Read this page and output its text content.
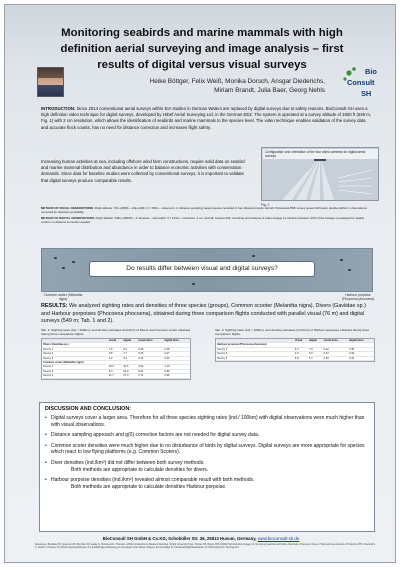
Monitoring seabirds and marine mammals with high definition aerial surveying and image analysis – first results of digital versus visual surveys
Heike Böttger, Felix Weiß, Monika Dorsch, Ansgar Diederichs,
Miriam Brandt, Julia Baer, Georg Nehls
Bio
Consult
SH
INTRODUCTION: Since 2014 conventional aerial surveys within EIA studies in German Waters are replaced by digital surveys due to safety reasons. BioConsult SH uses a high definition video technique for digital surveys, developed by HiDef Aerial Surveying Ltd. in the German EEZ. The system is operated at a survey altitude of 1800 ft (549 m, Fig. 1) with 2 cm resolution, which allows the identification of seabirds and marine mammals to the species level. The video technique enables validation of the survey data and accurate flock counts, has no need for distance correction and increases flight safety.
Increasing human activities at sea, including offshore wind farm constructions, require solid data on seabird and marine mammal distribution and abundance in order to balance economic activities with conservation demands. Since data for baseline studies were collected by conventional surveys, it is important to validate that digital surveys produce comparable results.
Configuration and orientation of the four video cameras for digital aerial surveys
Fig. 1
METHOD OF VISUAL OBSERVATIONS: Flight altitude: 76m (250ft) – strip-width: 2 × 150m – observers: 2; distance sampling; target species recorded in four distance bands; aircraft: Partenavia P68; survey speed 100 knots; double platform; observations corrected for detection probability.
METHOD OF DIGITAL OBSERVATIONS: Flight altitude: 549m (1800ft) – 4 cameras – strip-width: 4 × 143m – resolution: 2 cm; aircraft: Cessna 402; recording and analysis of video footage by trained reviewers; 20% of the footage re-analysed for quality control; no distance correction needed.
Do results differ between visual and digital surveys?
Common scoter (Melanitta nigra)
Harbour porpoise (Phocoena phocoena)
RESULTS: We analyzed sighting rates and densities of three species (groups), Common scooter (Melanitta nigra), Divers (Gaviidae sp.) and Harbour porpoises (Phocoena phocoena), obtained during three comparison flights conducted with parallel visual (76 m) and digital surveys (549 m; Tab. 1 and 2).
Tab. 1: Sighting rates (ind. / 100km), and density estimates (ind./km²) of Divers and Common scoter obtained during three comparison flights.
	visual	digital	visual dens.	digital dens.
Divers (Gaviidae sp.)				
Survey 1	1.6	8.1	0.09	0.28
Survey 2	0.8	7.7	0.05	0.27
Survey 3	2.2	9.4	0.12	0.33
Common scoter (Melanitta nigra)				
Survey 1	15.2	31.5	0.92	1.10
Survey 2	8.4	22.9	0.51	0.80
Survey 3	11.7	27.3	0.71	0.96
Tab. 2: Sighting rates (ind. / 100km), and density estimates (ind./km²) of Harbour porpoises obtained during three comparison flights.
	visual	digital	visual dens.	digital dens.
Harbour porpoise (Phocoena phocoena)				
Survey 1	6.3	7.0	0.42	0.49
Survey 2	4.9	5.6	0.33	0.39
Survey 3	5.8	6.1	0.39	0.43
DISCUSSION AND CONCLUSION:
• Digital surveys cover a larger area. Therefore for all three species sighting rates (ind./ 100km) with digital observations were much higher than with visual observations.
• Distance sampling approach and g(0) correction factors are not needed for digital survey data.
• Common scoter densities were much higher due to no disturbance of birds by digital surveys. Digital surveys are more appropriate for species which react to low flying platforms (e.g. Common Scoters).
• Diver densities (ind./km²) did not differ between both survey methods.
Both methods are appropriate to calculate densities for divers.
• Harbour porpoise densities (ind./km²) revealed almost comparable result with both methods.
Both methods are appropriate to calculate densities Harbour porpoise.
BioConsult SH GmbH & Co.KG, Schobüller Str. 36, 25813 Husum, Germany, www.bioconsult-sh.de
References: Buckland ST, Anderson DR, Burnham KP, Laake JL, Borchers DL, Thomas L (2001) Introduction to Distance Sampling. Oxford University Press. Thaxter CB, Burton NHK (2009) High Definition Imagery for Surveying Seabirds and Marine Mammals: A Review of Recent Trials and Development of Protocols. BTO. Diederichs A, Nehls G, Petersen IK (2002) Flugzeugzählungen zur großflächigen Erfassung von Seevögeln und marinen Säugern als Grundlage für Umweltverträglichkeitsstudien im Offshorebereich. Seevögel 23.
